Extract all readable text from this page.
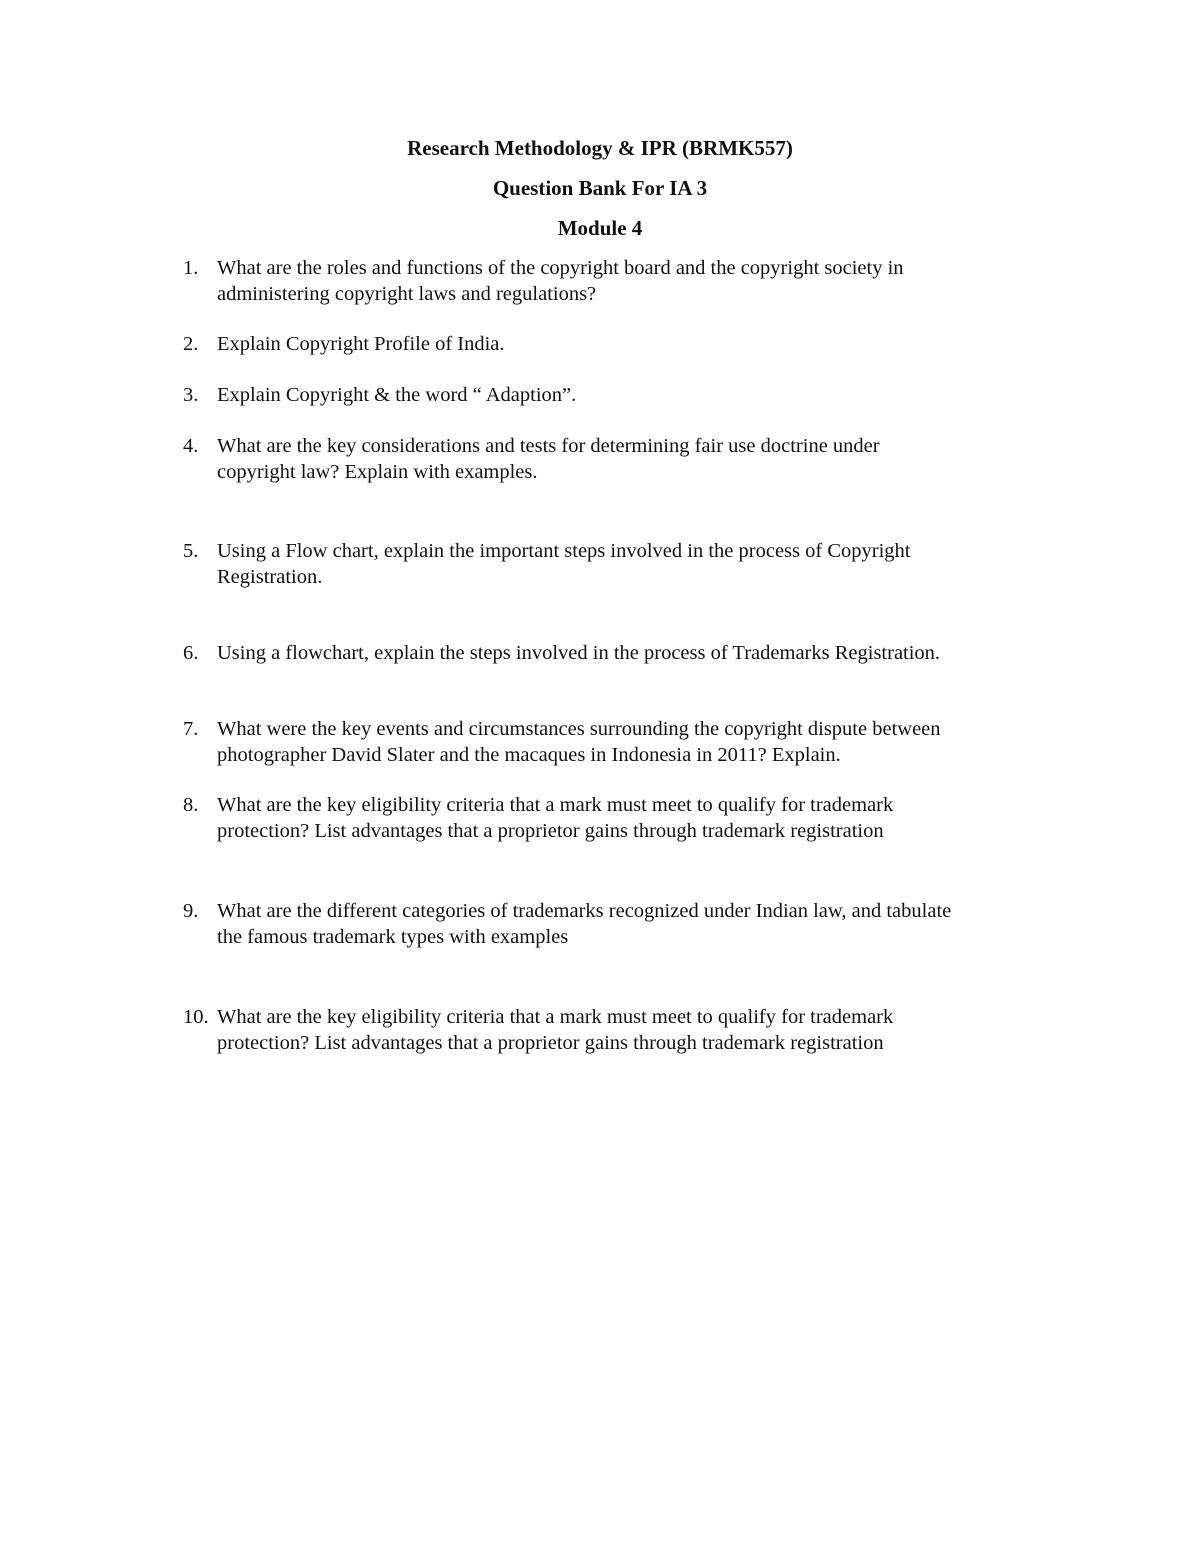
Research Methodology & IPR (BRMK557)
Question Bank For IA 3
Module 4
1. What are the roles and functions of the copyright board and the copyright society in
administering copyright laws and regulations?
2. Explain Copyright Profile of India.
3. Explain Copyright & the word “ Adaption”.
4. What are the key considerations and tests for determining fair use doctrine under
copyright law? Explain with examples.
5. Using a Flow chart, explain the important steps involved in the process of Copyright
Registration.
6. Using a flowchart, explain the steps involved in the process of Trademarks Registration.
7. What were the key events and circumstances surrounding the copyright dispute between
photographer David Slater and the macaques in Indonesia in 2011? Explain.
8. What are the key eligibility criteria that a mark must meet to qualify for trademark
protection? List advantages that a proprietor gains through trademark registration
9. What are the different categories of trademarks recognized under Indian law, and tabulate
the famous trademark types with examples
10. What are the key eligibility criteria that a mark must meet to qualify for trademark
protection? List advantages that a proprietor gains through trademark registration
